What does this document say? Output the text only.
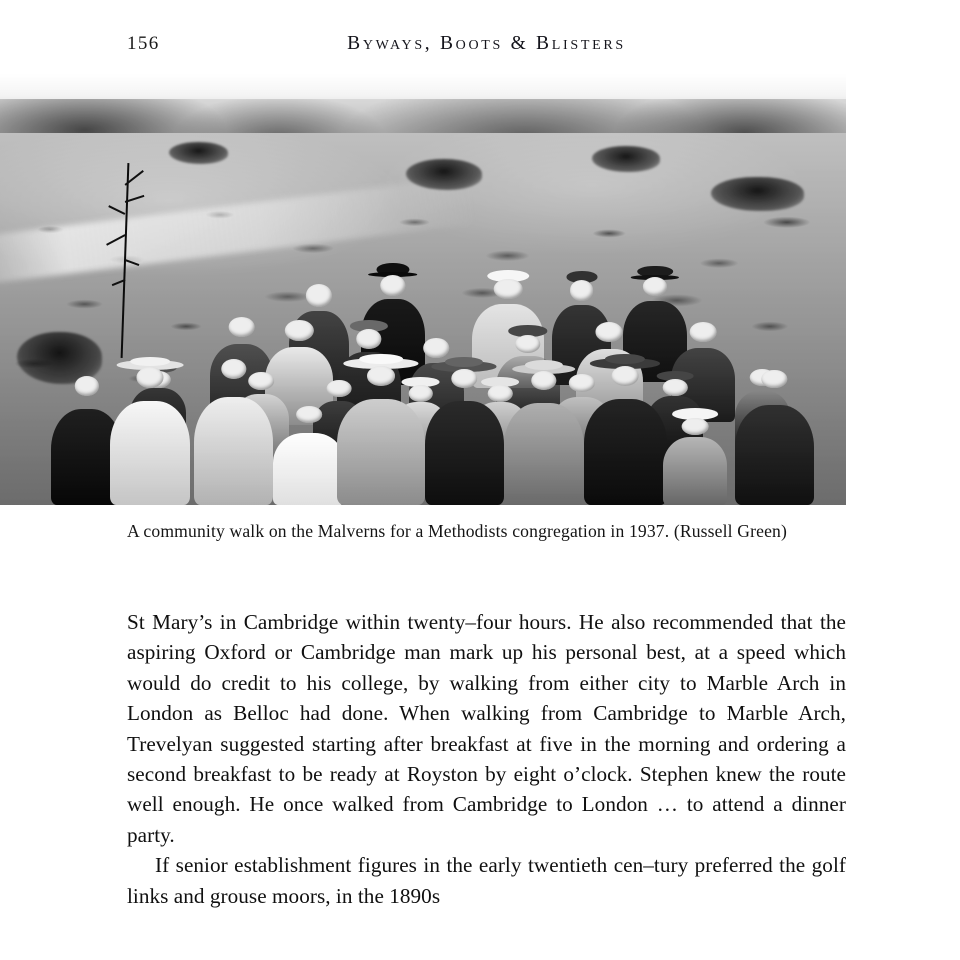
156	Byways, Boots & Blisters
A community walk on the Malverns for a Methodists congregation in 1937. (Russell Green)

St Mary’s in Cambridge within twenty–four hours. He also recommended that the aspiring Oxford or Cambridge man mark up his personal best, at a speed which would do credit to his college, by walking from either city to Marble Arch in London as Belloc had done. When walking from Cambridge to Marble Arch, Trevelyan suggested starting after breakfast at five in the morning and ordering a second breakfast to be ready at Royston by eight o’clock. Stephen knew the route well enough. He once walked from Cambridge to London … to attend a dinner party.

If senior establishment figures in the early twentieth cen–tury preferred the golf links and grouse moors, in the 1890s
